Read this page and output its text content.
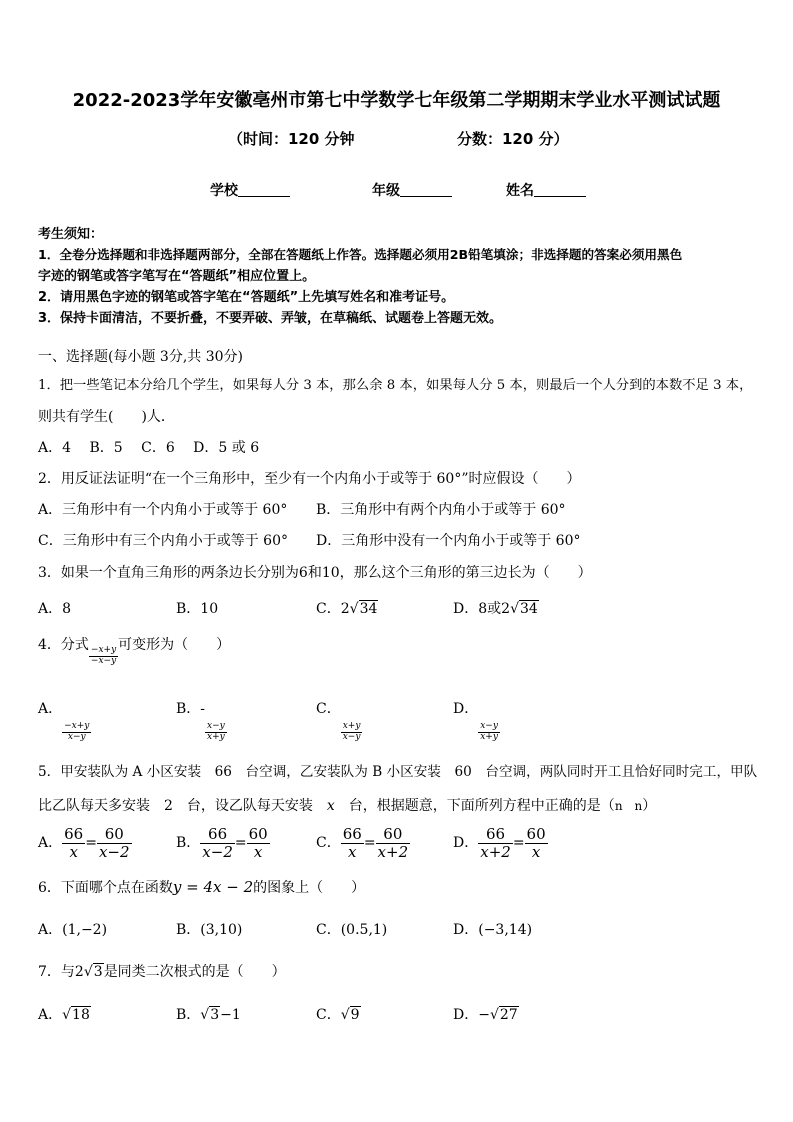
2022-2023学年安徽亳州市第七中学数学七年级第二学期期末学业水平测试试题
（时间：120 分钟	分数：120 分）
学校	年级	姓名
考生须知：
1．全卷分选择题和非选择题两部分，全部在答题纸上作答。选择题必须用2B铅笔填涂；非选择题的答案必须用黑色
字迹的钢笔或答字笔写在“答题纸”相应位置上。
2．请用黑色字迹的钢笔或答字笔在“答题纸”上先填写姓名和准考证号。
3．保持卡面清洁，不要折叠，不要弄破、弄皱，在草稿纸、试题卷上答题无效。
一、选择题(每小题 3分,共 30分)
1．把一些笔记本分给几个学生，如果每人分 3 本，那么余 8 本，如果每人分 5 本，则最后一个人分到的本数不足 3 本，
则共有学生(　　)人．
A．4　 B．5　 C．6　 D．5 或 6
2．用反证法证明“在一个三角形中，至少有一个内角小于或等于 60°”时应假设（　　）
A．三角形中有一个内角小于或等于 60° B．三角形中有两个内角小于或等于 60°
C．三角形中有三个内角小于或等于 60° D．三角形中没有一个内角小于或等于 60°
3．如果一个直角三角形的两条边长分别为6和10，那么这个三角形的第三边长为（　　）
A．8	B．10	C．2√34	D．8或2√34
4．分式
$\frac{-x+y}{-x-y}$
可变形为（　　）
A．
$\frac{-x+y}{x-y}$
B．-
$\frac{x-y}{x+y}$
C．
$\frac{x+y}{x-y}$
D．
$\frac{x-y}{x+y}$
5．甲安装队为 A 小区安装　66　台空调，乙安装队为 B 小区安装　60　台空调，两队同时开工且恰好同时完工，甲队
比乙队每天多安装　2　台，设乙队每天安装　x　台，根据题意，下面所列方程中正确的是（n　n）
A． $\frac{66}{x} = \frac{60}{x-2}$	B． $\frac{66}{x-2} = \frac{60}{x}$	C． $\frac{66}{x} = \frac{60}{x+2}$	D． $\frac{66}{x+2} = \frac{60}{x}$
6．下面哪个点在函数y = 4x − 2的图象上（　　）
A．(1,−2)	B．(3,10)	C．(0.5,1)	D．(−3,14)
7．与2√3是同类二次根式的是（　　）
A．√18	B．√3−1	C．√9	D．−√27
